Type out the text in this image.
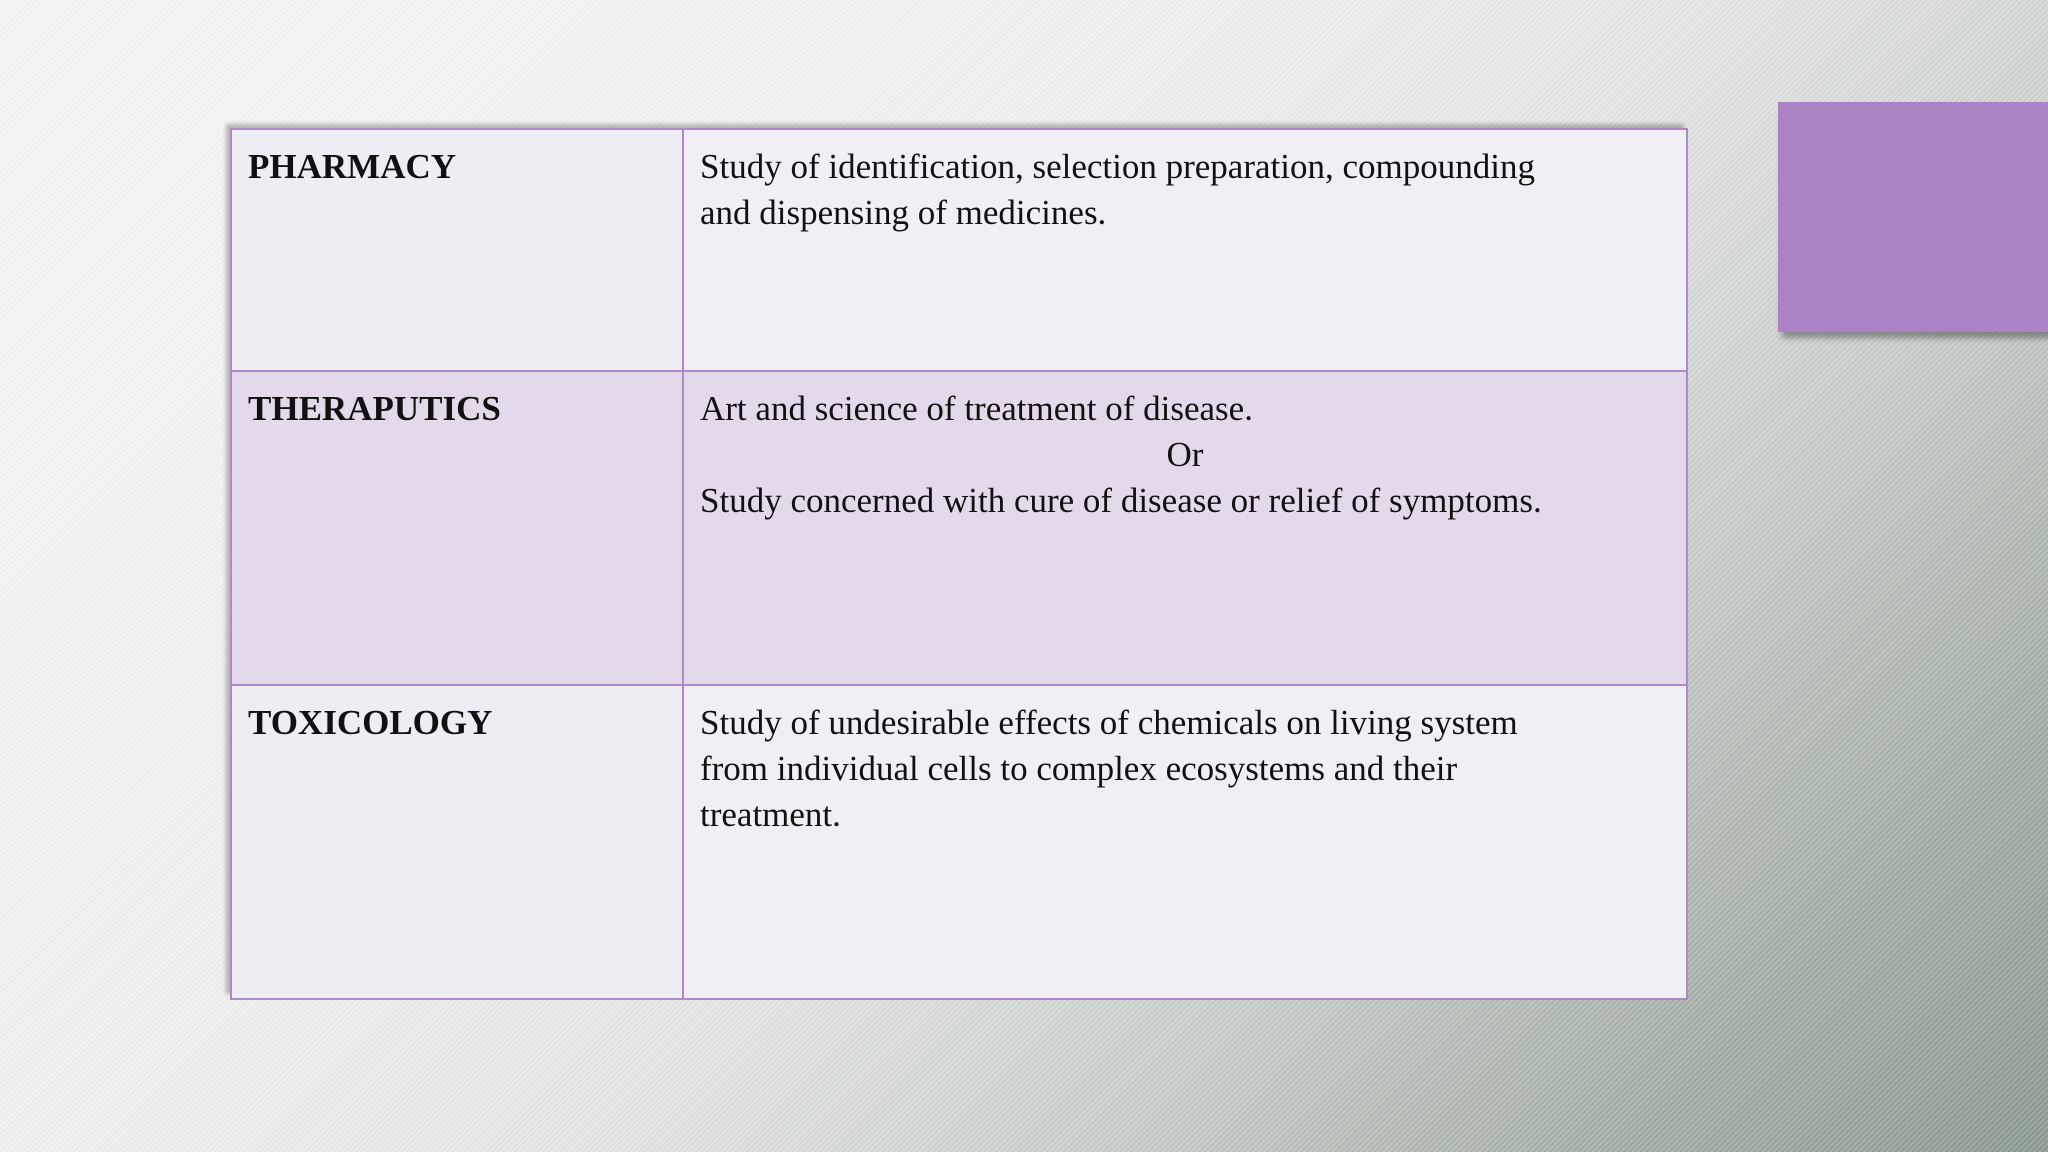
PHARMACY	Study of identification, selection preparation, compounding
and dispensing of medicines.

THERAPUTICS	Art and science of treatment of disease.
Or
Study concerned with cure of disease or relief of symptoms.

TOXICOLOGY	Study of undesirable effects of chemicals on living system
from individual cells to complex ecosystems and their
treatment.
